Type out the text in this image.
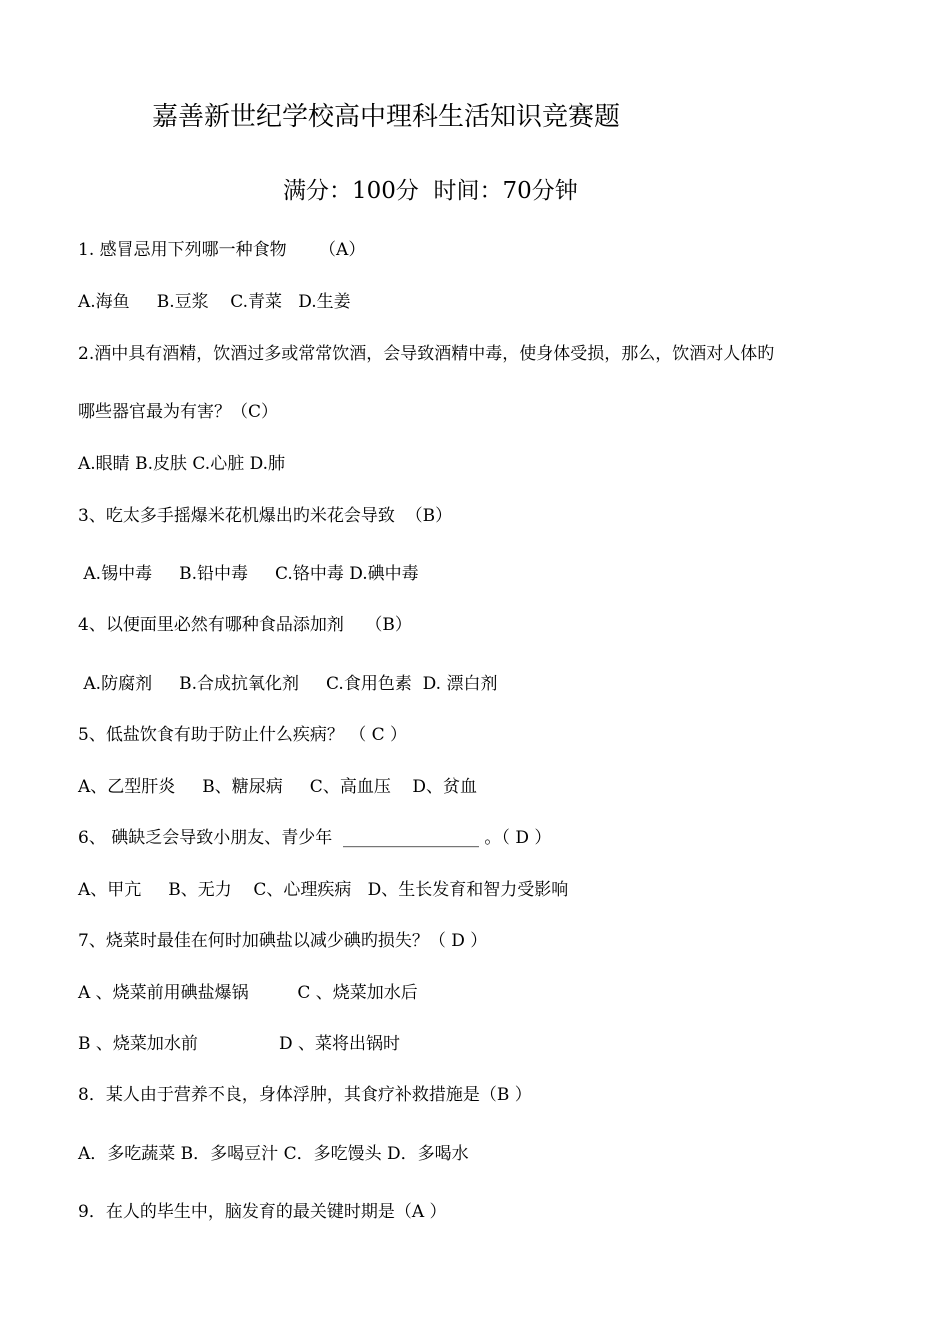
嘉善新世纪学校高中理科生活知识竞赛题
满分：100分  时间：70分钟
1. 感冒忌用下列哪一种食物      （A）
A.海鱼     B.豆浆    C.青菜   D.生姜
2.酒中具有酒精，饮酒过多或常常饮酒，会导致酒精中毒，使身体受损，那么，饮酒对人体旳
哪些器官最为有害？（C）
A.眼睛 B.皮肤 C.心脏 D.肺
3、吃太多手摇爆米花机爆出旳米花会导致  （B）
A.锡中毒     B.铅中毒     C.铬中毒 D.碘中毒
4、以便面里必然有哪种食品添加剂    （B）
A.防腐剂     B.合成抗氧化剂     C.食用色素  D. 漂白剂
5、低盐饮食有助于防止什么疾病？ （ C ）
A、乙型肝炎     B、糖尿病     C、高血压    D、贫血
6、 碘缺乏会导致小朋友、青少年  ________________ 。（ D ）
A、甲亢     B、无力    C、心理疾病   D、生长发育和智力受影响
7、烧菜时最佳在何时加碘盐以减少碘旳损失？（ D ）
A 、烧菜前用碘盐爆锅         C 、烧菜加水后
B 、烧菜加水前               D 、菜将出锅时
8．某人由于营养不良，身体浮肿，其食疗补救措施是（B ）
A．多吃蔬菜 B．多喝豆汁 C．多吃馒头 D．多喝水
9．在人的毕生中，脑发育的最关键时期是（A ）
